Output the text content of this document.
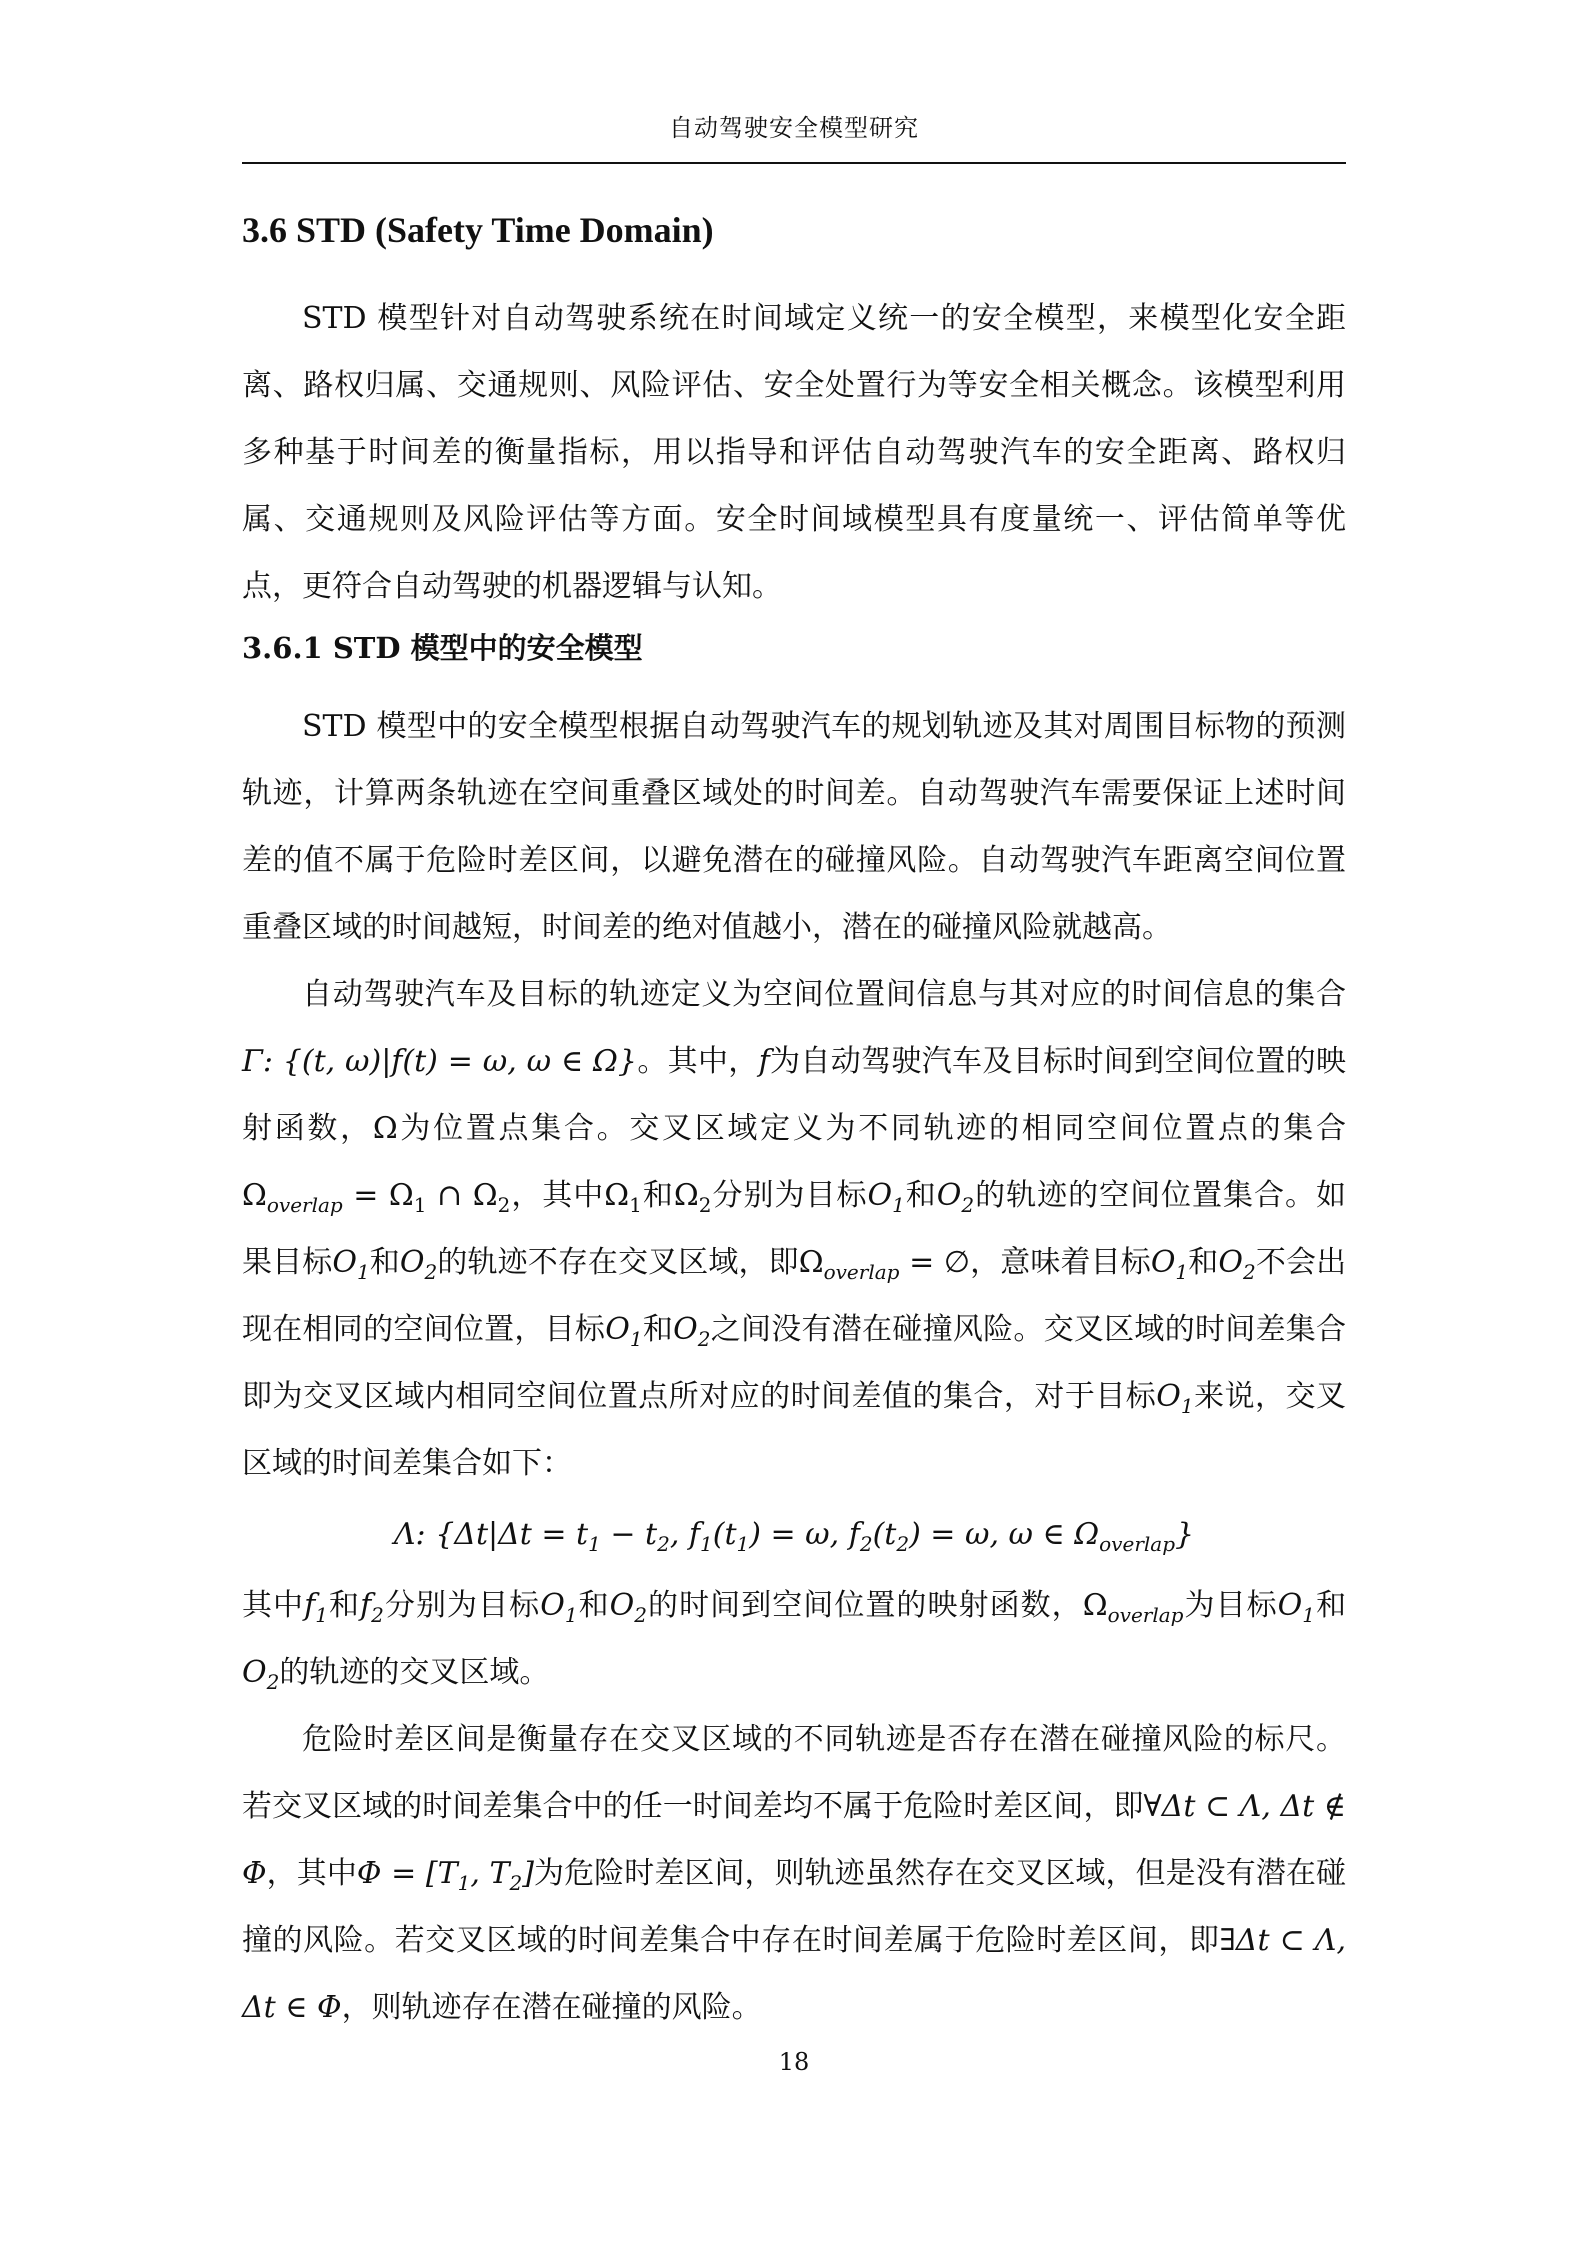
自动驾驶安全模型研究
3.6 STD (Safety Time Domain)

STD 模型针对自动驾驶系统在时间域定义统一的安全模型，来模型化安全距离、路权归属、交通规则、风险评估、安全处置行为等安全相关概念。该模型利用多种基于时间差的衡量指标，用以指导和评估自动驾驶汽车的安全距离、路权归属、交通规则及风险评估等方面。安全时间域模型具有度量统一、评估简单等优点，更符合自动驾驶的机器逻辑与认知。

3.6.1 STD 模型中的安全模型

STD 模型中的安全模型根据自动驾驶汽车的规划轨迹及其对周围目标物的预测轨迹，计算两条轨迹在空间重叠区域处的时间差。自动驾驶汽车需要保证上述时间差的值不属于危险时差区间，以避免潜在的碰撞风险。自动驾驶汽车距离空间位置重叠区域的时间越短，时间差的绝对值越小，潜在的碰撞风险就越高。

自动驾驶汽车及目标的轨迹定义为空间位置间信息与其对应的时间信息的集合Γ: {(t, ω)|f(t) = ω, ω ∈ Ω}。其中，f为自动驾驶汽车及目标时间到空间位置的映射函数，Ω为位置点集合。交叉区域定义为不同轨迹的相同空间位置点的集合$\Omega_{overlap} = \Omega_1$ ∩ $\Omega_2$，其中$\Omega_1$和$\Omega_2$分别为目标$O_1$和$O_2$的轨迹的空间位置集合。如果目标$O_1$和$O_2$的轨迹不存在交叉区域，即$\Omega_{overlap}$ = ∅，意味着目标$O_1$和$O_2$不会出现在相同的空间位置，目标$O_1$和$O_2$之间没有潜在碰撞风险。交叉区域的时间差集合即为交叉区域内相同空间位置点所对应的时间差值的集合，对于目标$O_1$来说，交叉区域的时间差集合如下：

Λ: {$\Delta t|\Delta t = t_1 - t_2$, $f_1(t_1) = \omega$, $f_2(t_2) = \omega$, ω ∈ $\Omega_{overlap}$}

其中$f_1$和$f_2$分别为目标$O_1$和$O_2$的时间到空间位置的映射函数，$\Omega_{overlap}$为目标$O_1$和$O_2$的轨迹的交叉区域。

危险时差区间是衡量存在交叉区域的不同轨迹是否存在潜在碰撞风险的标尺。若交叉区域的时间差集合中的任一时间差均不属于危险时差区间，即∀Δt ⊂ Λ, Δt ∉ Φ，其中$\Phi = [T_1$, $T_2$]为危险时差区间，则轨迹虽然存在交叉区域，但是没有潜在碰撞的风险。若交叉区域的时间差集合中存在时间差属于危险时差区间，即∃Δt ⊂ Λ, Δt ∈ Φ，则轨迹存在潜在碰撞的风险。

18
